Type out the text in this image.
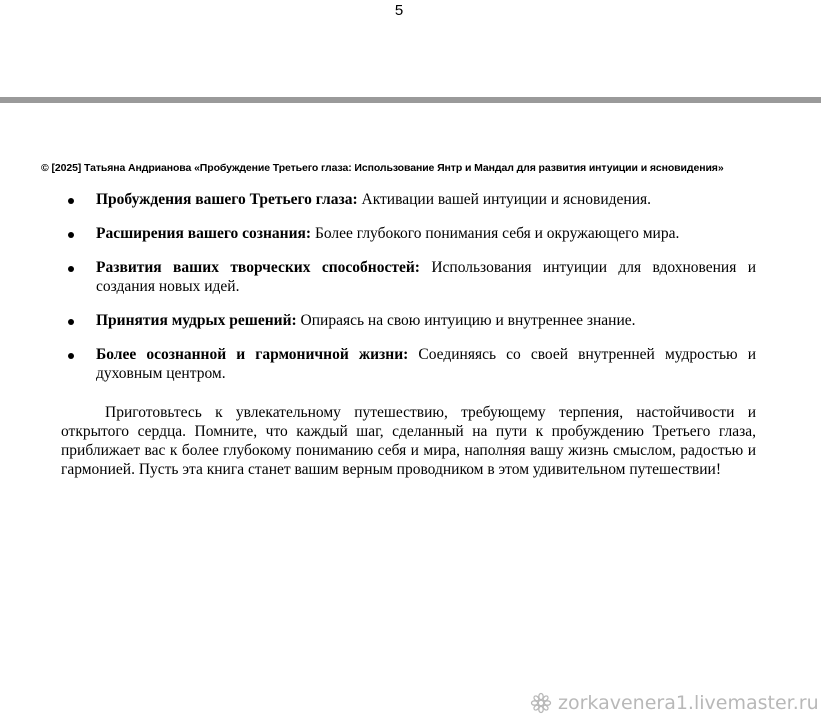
5
© [2025] Татьяна Андрианова «Пробуждение Третьего глаза: Использование Янтр и Мандал для развития интуиции и ясновидения»
Пробуждения вашего Третьего глаза: Активации вашей интуиции и ясновидения.
Расширения вашего сознания: Более глубокого понимания себя и окружающего мира.
Развития ваших творческих способностей: Использования интуиции для вдохновения и создания новых идей.
Принятия мудрых решений: Опираясь на свою интуицию и внутреннее знание.
Более осознанной и гармоничной жизни: Соединяясь со своей внутренней мудростью и духовным центром.

Приготовьтесь к увлекательному путешествию, требующему терпения, настойчивости и открытого сердца. Помните, что каждый шаг, сделанный на пути к пробуждению Третьего глаза, приближает вас к более глубокому пониманию себя и мира, наполняя вашу жизнь смыслом, радостью и гармонией. Пусть эта книга станет вашим верным проводником в этом удивительном путешествии!

zorkavenera1.livemaster.ru
